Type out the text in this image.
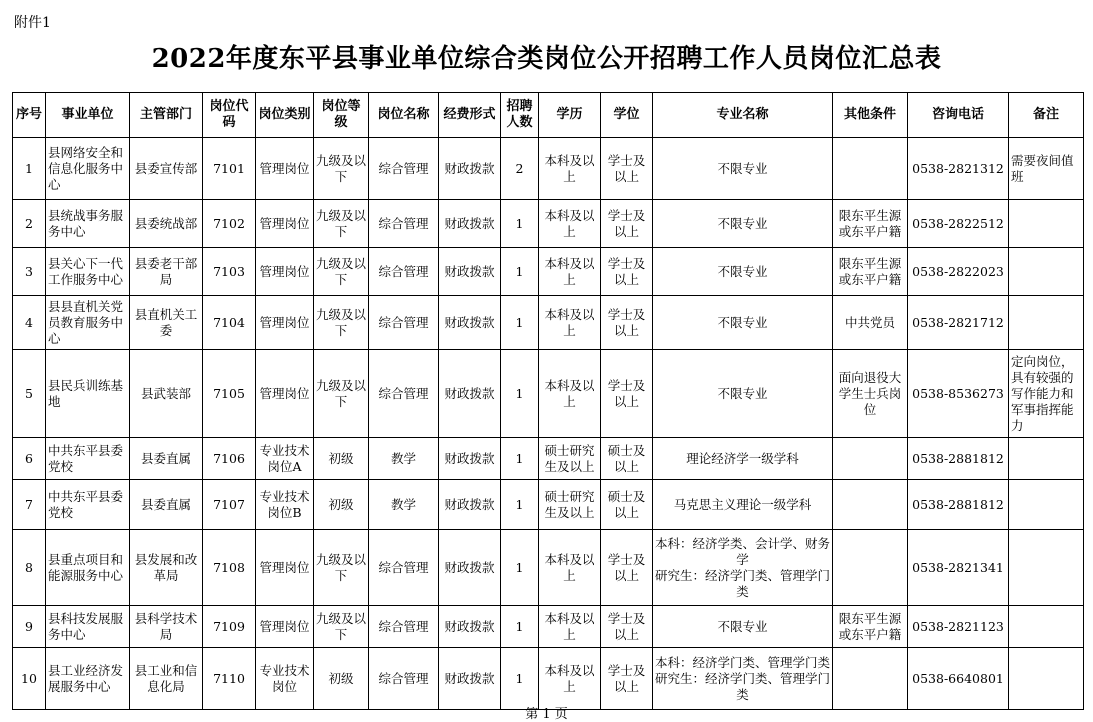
附件1
2022年度东平县事业单位综合类岗位公开招聘工作人员岗位汇总表
序号	事业单位	主管部门	岗位代码	岗位类别	岗位等级	岗位名称	经费形式	招聘人数	学历	学位	专业名称	其他条件	咨询电话	备注
1	县网络安全和信息化服务中心	县委宣传部	7101	管理岗位	九级及以下	综合管理	财政拨款	2	本科及以上	学士及以上	不限专业		0538-2821312	需要夜间值班
2	县统战事务服务中心	县委统战部	7102	管理岗位	九级及以下	综合管理	财政拨款	1	本科及以上	学士及以上	不限专业	限东平生源或东平户籍	0538-2822512	
3	县关心下一代工作服务中心	县委老干部局	7103	管理岗位	九级及以下	综合管理	财政拨款	1	本科及以上	学士及以上	不限专业	限东平生源或东平户籍	0538-2822023	
4	县县直机关党员教育服务中心	县直机关工委	7104	管理岗位	九级及以下	综合管理	财政拨款	1	本科及以上	学士及以上	不限专业	中共党员	0538-2821712	
5	县民兵训练基地	县武装部	7105	管理岗位	九级及以下	综合管理	财政拨款	1	本科及以上	学士及以上	不限专业	面向退役大学生士兵岗位	0538-8536273	定向岗位，具有较强的写作能力和军事指挥能力
6	中共东平县委党校	县委直属	7106	专业技术岗位A	初级	教学	财政拨款	1	硕士研究生及以上	硕士及以上	理论经济学一级学科		0538-2881812	
7	中共东平县委党校	县委直属	7107	专业技术岗位B	初级	教学	财政拨款	1	硕士研究生及以上	硕士及以上	马克思主义理论一级学科		0538-2881812	
8	县重点项目和能源服务中心	县发展和改革局	7108	管理岗位	九级及以下	综合管理	财政拨款	1	本科及以上	学士及以上	本科：经济学类、会计学、财务学
研究生：经济学门类、管理学门类		0538-2821341	
9	县科技发展服务中心	县科学技术局	7109	管理岗位	九级及以下	综合管理	财政拨款	1	本科及以上	学士及以上	不限专业	限东平生源或东平户籍	0538-2821123	
10	县工业经济发展服务中心	县工业和信息化局	7110	专业技术岗位	初级	综合管理	财政拨款	1	本科及以上	学士及以上	本科：经济学门类、管理学门类
研究生：经济学门类、管理学门类		0538-6640801	
第 1 页
